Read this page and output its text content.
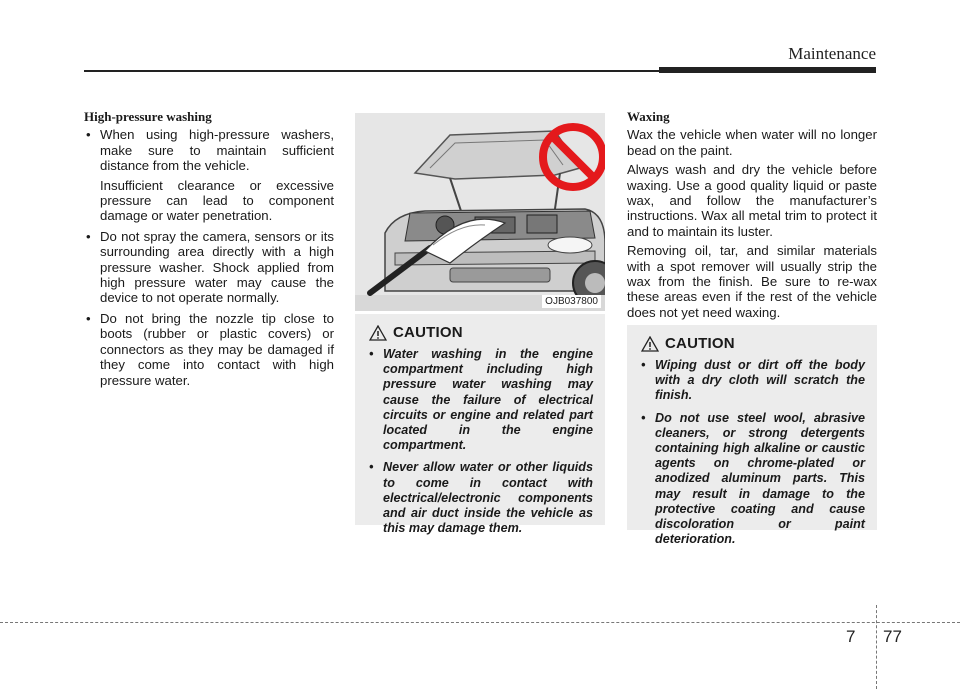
Maintenance
High-pressure washing
• When using high-pressure washers, make sure to maintain sufficient distance from the vehicle.
Insufficient clearance or excessive pressure can lead to component damage or water penetration.
• Do not spray the camera, sensors or its surrounding area directly with a high pressure washer. Shock applied from high pressure water may cause the device to not operate normally.
• Do not bring the nozzle tip close to boots (rubber or plastic covers) or connectors as they may be damaged if they come into contact with high pressure water.
OJB037800
CAUTION
• Water washing in the engine compartment including high pressure water washing may cause the failure of electrical circuits or engine and related part located in the engine compartment.
• Never allow water or other liquids to come in contact with electrical/electronic components and air duct inside the vehicle as this may damage them.
Waxing

Wax the vehicle when water will no longer bead on the paint.

Always wash and dry the vehicle before waxing. Use a good quality liquid or paste wax, and follow the manufacturer’s instructions. Wax all metal trim to protect it and to maintain its luster.

Removing oil, tar, and similar materials with a spot remover will usually strip the wax from the finish. Be sure to re-wax these areas even if the rest of the vehicle does not yet need waxing.

CAUTION
• Wiping dust or dirt off the body with a dry cloth will scratch the finish.
• Do not use steel wool, abrasive cleaners, or strong detergents containing high alkaline or caustic agents on chrome-plated or anodized aluminum parts. This may result in damage to the protective coating and cause discoloration or paint deterioration.
7 77
